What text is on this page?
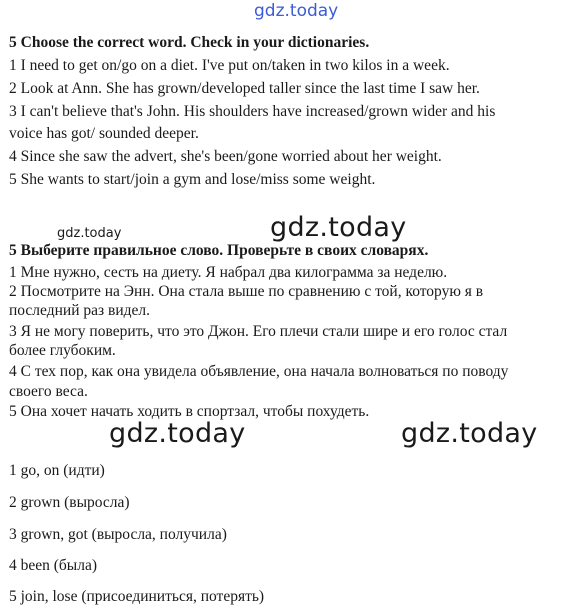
gdz.today
gdz.today	gdz.today
gdz.today	gdz.today
5 Choose the correct word. Check in your dictionaries.
1 I need to get on/go on a diet. I've put on/taken in two kilos in a week.
2 Look at Ann. She has grown/developed taller since the last time I saw her.
3 I can't believe that's John. His shoulders have increased/grown wider and his
voice has got/ sounded deeper.
4 Since she saw the advert, she's been/gone worried about her weight.
5 She wants to start/join a gym and lose/miss some weight.
5 Выберите правильное слово. Проверьте в своих словарях.
1 Мне нужно, сесть на диету. Я набрал два килограмма за неделю.
2 Посмотрите на Энн. Она стала выше по сравнению с той, которую я в
последний раз видел.
3 Я не могу поверить, что это Джон. Его плечи стали шире и его голос стал
более глубоким.
4 С тех пор, как она увидела объявление, она начала волноваться по поводу
своего веса.
5 Она хочет начать ходить в спортзал, чтобы похудеть.
1 go, on (идти)
2 grown (выросла)
3 grown, got (выросла, получила)
4 been (была)
5 join, lose (присоединиться, потерять)
